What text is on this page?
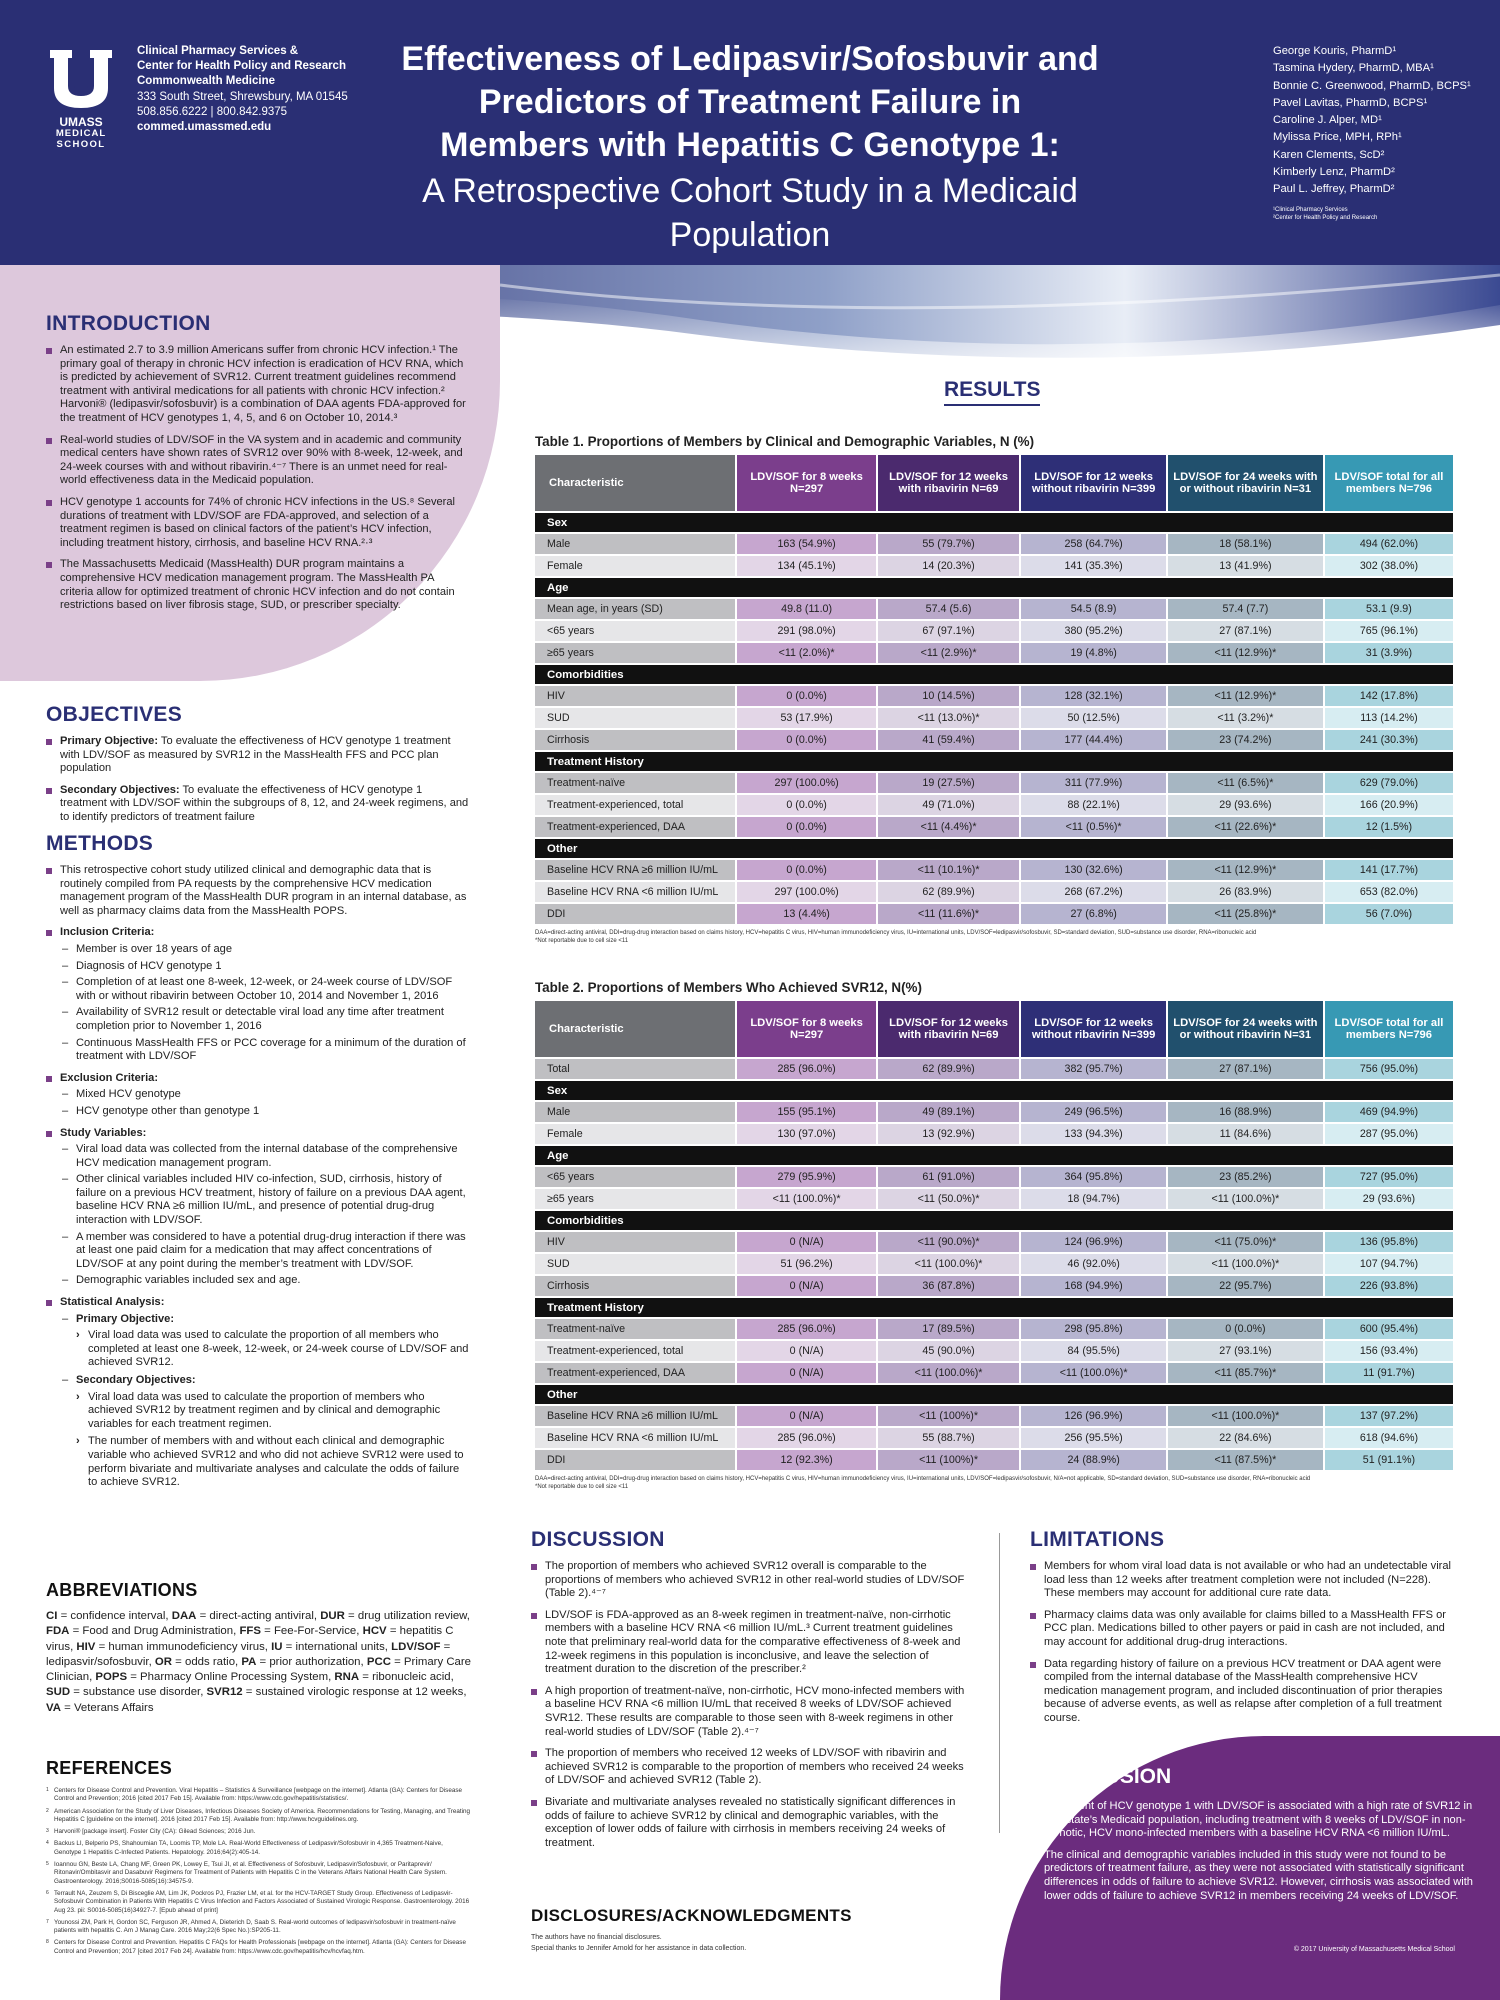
UMASS
MEDICAL
SCHOOL
Clinical Pharmacy Services &
Center for Health Policy and Research
Commonwealth Medicine
333 South Street, Shrewsbury, MA 01545
508.856.6222 | 800.842.9375
commed.umassmed.edu
Effectiveness of Ledipasvir/Sofosbuvir and
Predictors of Treatment Failure in
Members with Hepatitis C Genotype 1:
A Retrospective Cohort Study in a Medicaid Population
George Kouris, PharmD¹
Tasmina Hydery, PharmD, MBA¹
Bonnie C. Greenwood, PharmD, BCPS¹
Pavel Lavitas, PharmD, BCPS¹
Caroline J. Alper, MD¹
Mylissa Price, MPH, RPh¹
Karen Clements, ScD²
Kimberly Lenz, PharmD²
Paul L. Jeffrey, PharmD²
¹Clinical Pharmacy Services
²Center for Health Policy and Research
INTRODUCTION
An estimated 2.7 to 3.9 million Americans suffer from chronic HCV infection.¹ The primary goal of therapy in chronic HCV infection is eradication of HCV RNA, which is predicted by achievement of SVR12. Current treatment guidelines recommend treatment with antiviral medications for all patients with chronic HCV infection.² Harvoni® (ledipasvir/sofosbuvir) is a combination of DAA agents FDA-approved for the treatment of HCV genotypes 1, 4, 5, and 6 on October 10, 2014.³
Real-world studies of LDV/SOF in the VA system and in academic and community medical centers have shown rates of SVR12 over 90% with 8-week, 12-week, and 24-week courses with and without ribavirin.⁴⁻⁷ There is an unmet need for real-world effectiveness data in the Medicaid population.
HCV genotype 1 accounts for 74% of chronic HCV infections in the US.⁸ Several durations of treatment with LDV/SOF are FDA-approved, and selection of a treatment regimen is based on clinical factors of the patient’s HCV infection, including treatment history, cirrhosis, and baseline HCV RNA.²·³
The Massachusetts Medicaid (MassHealth) DUR program maintains a comprehensive HCV medication management program. The MassHealth PA criteria allow for optimized treatment of chronic HCV infection and do not contain restrictions based on liver fibrosis stage, SUD, or prescriber specialty.
OBJECTIVES
Primary Objective: To evaluate the effectiveness of HCV genotype 1 treatment with LDV/SOF as measured by SVR12 in the MassHealth FFS and PCC plan population
Secondary Objectives: To evaluate the effectiveness of HCV genotype 1 treatment with LDV/SOF within the subgroups of 8, 12, and 24-week regimens, and to identify predictors of treatment failure
METHODS
This retrospective cohort study utilized clinical and demographic data that is routinely compiled from PA requests by the comprehensive HCV medication management program of the MassHealth DUR program in an internal database, as well as pharmacy claims data from the MassHealth POPS.
Inclusion Criteria:
– Member is over 18 years of age
– Diagnosis of HCV genotype 1
– Completion of at least one 8-week, 12-week, or 24-week course of LDV/SOF with or without ribavirin between October 10, 2014 and November 1, 2016
– Availability of SVR12 result or detectable viral load any time after treatment completion prior to November 1, 2016
– Continuous MassHealth FFS or PCC coverage for a minimum of the duration of treatment with LDV/SOF
Exclusion Criteria:
– Mixed HCV genotype
– HCV genotype other than genotype 1
Study Variables:
– Viral load data was collected from the internal database of the comprehensive HCV medication management program.
– Other clinical variables included HIV co-infection, SUD, cirrhosis, history of failure on a previous HCV treatment, history of failure on a previous DAA agent, baseline HCV RNA ≥6 million IU/mL, and presence of potential drug-drug interaction with LDV/SOF.
– A member was considered to have a potential drug-drug interaction if there was at least one paid claim for a medication that may affect concentrations of LDV/SOF at any point during the member’s treatment with LDV/SOF.
– Demographic variables included sex and age.
Statistical Analysis:
– Primary Objective:
› Viral load data was used to calculate the proportion of all members who completed at least one 8-week, 12-week, or 24-week course of LDV/SOF and achieved SVR12.
– Secondary Objectives:
› Viral load data was used to calculate the proportion of members who achieved SVR12 by treatment regimen and by clinical and demographic variables for each treatment regimen.
› The number of members with and without each clinical and demographic variable who achieved SVR12 and who did not achieve SVR12 were used to perform bivariate and multivariate analyses and calculate the odds of failure to achieve SVR12.
ABBREVIATIONS
CI = confidence interval, DAA = direct-acting antiviral, DUR = drug utilization review, FDA = Food and Drug Administration, FFS = Fee-For-Service, HCV = hepatitis C virus, HIV = human immunodeficiency virus, IU = international units, LDV/SOF = ledipasvir/sofosbuvir, OR = odds ratio, PA = prior authorization, PCC = Primary Care Clinician, POPS = Pharmacy Online Processing System, RNA = ribonucleic acid, SUD = substance use disorder, SVR12 = sustained virologic response at 12 weeks, VA = Veterans Affairs
REFERENCES
1 Centers for Disease Control and Prevention. Viral Hepatitis – Statistics & Surveillance [webpage on the internet]. Atlanta (GA): Centers for Disease Control and Prevention; 2016 [cited 2017 Feb 15]. Available from: https://www.cdc.gov/hepatitis/statistics/.
2 American Association for the Study of Liver Diseases, Infectious Diseases Society of America. Recommendations for Testing, Managing, and Treating Hepatitis C [guideline on the internet]. 2016 [cited 2017 Feb 15]. Available from: http://www.hcvguidelines.org.
3 Harvoni® [package insert]. Foster City (CA): Gilead Sciences; 2016 Jun.
4 Backus LI, Belperio PS, Shahoumian TA, Loomis TP, Mole LA. Real-World Effectiveness of Ledipasvir/Sofosbuvir in 4,365 Treatment-Naive, Genotype 1 Hepatitis C-Infected Patients. Hepatology. 2016;64(2):405-14.
5 Ioannou GN, Beste LA, Chang MF, Green PK, Lowey E, Tsui JI, et al. Effectiveness of Sofosbuvir, Ledipasvir/Sofosbuvir, or Paritaprevir/ Ritonavir/Ombitasvir and Dasabuvir Regimens for Treatment of Patients with Hepatitis C in the Veterans Affairs National Health Care System. Gastroenterology. 2016;S0016-5085(16):34575-9.
6 Terrault NA, Zeuzem S, Di Bisceglie AM, Lim JK, Pockros PJ, Frazier LM, et al. for the HCV-TARGET Study Group. Effectiveness of Ledipasvir-Sofosbuvir Combination in Patients With Hepatitis C Virus Infection and Factors Associated of Sustained Virologic Response. Gastroenterology. 2016 Aug 23. pii: S0016-5085(16)34927-7. [Epub ahead of print]
7 Younossi ZM, Park H, Gordon SC, Ferguson JR, Ahmed A, Dieterich D, Saab S. Real-world outcomes of ledipasvir/sofosbuvir in treatment-naïve patients with hepatitis C. Am J Manag Care. 2016 May;22(6 Spec No.):SP205-11.
8 Centers for Disease Control and Prevention. Hepatitis C FAQs for Health Professionals [webpage on the internet]. Atlanta (GA): Centers for Disease Control and Prevention; 2017 [cited 2017 Feb 24]. Available from: https://www.cdc.gov/hepatitis/hcv/hcvfaq.htm.
RESULTS
Table 1. Proportions of Members by Clinical and Demographic Variables, N (%)
Characteristic	LDV/SOF for 8 weeks N=297	LDV/SOF for 12 weeks with ribavirin N=69	LDV/SOF for 12 weeks without ribavirin N=399	LDV/SOF for 24 weeks with or without ribavirin N=31	LDV/SOF total for all members N=796
Sex					
Male	163 (54.9%)	55 (79.7%)	258 (64.7%)	18 (58.1%)	494 (62.0%)
Female	134 (45.1%)	14 (20.3%)	141 (35.3%)	13 (41.9%)	302 (38.0%)
Age					
Mean age, in years (SD)	49.8 (11.0)	57.4 (5.6)	54.5 (8.9)	57.4 (7.7)	53.1 (9.9)
<65 years	291 (98.0%)	67 (97.1%)	380 (95.2%)	27 (87.1%)	765 (96.1%)
≥65 years	<11 (2.0%)*	<11 (2.9%)*	19 (4.8%)	<11 (12.9%)*	31 (3.9%)
Comorbidities					
HIV	0 (0.0%)	10 (14.5%)	128 (32.1%)	<11 (12.9%)*	142 (17.8%)
SUD	53 (17.9%)	<11 (13.0%)*	50 (12.5%)	<11 (3.2%)*	113 (14.2%)
Cirrhosis	0 (0.0%)	41 (59.4%)	177 (44.4%)	23 (74.2%)	241 (30.3%)
Treatment History					
Treatment-naïve	297 (100.0%)	19 (27.5%)	311 (77.9%)	<11 (6.5%)*	629 (79.0%)
Treatment-experienced, total	0 (0.0%)	49 (71.0%)	88 (22.1%)	29 (93.6%)	166 (20.9%)
Treatment-experienced, DAA	0 (0.0%)	<11 (4.4%)*	<11 (0.5%)*	<11 (22.6%)*	12 (1.5%)
Other					
Baseline HCV RNA ≥6 million IU/mL	0 (0.0%)	<11 (10.1%)*	130 (32.6%)	<11 (12.9%)*	141 (17.7%)
Baseline HCV RNA <6 million IU/mL	297 (100.0%)	62 (89.9%)	268 (67.2%)	26 (83.9%)	653 (82.0%)
DDI	13 (4.4%)	<11 (11.6%)*	27 (6.8%)	<11 (25.8%)*	56 (7.0%)
DAA=direct-acting antiviral, DDI=drug-drug interaction based on claims history, HCV=hepatitis C virus, HIV=human immunodeficiency virus, IU=international units, LDV/SOF=ledipasvir/sofosbuvir, SD=standard deviation, SUD=substance use disorder, RNA=ribonucleic acid
*Not reportable due to cell size <11
Table 2. Proportions of Members Who Achieved SVR12, N(%)
Characteristic	LDV/SOF for 8 weeks N=297	LDV/SOF for 12 weeks with ribavirin N=69	LDV/SOF for 12 weeks without ribavirin N=399	LDV/SOF for 24 weeks with or without ribavirin N=31	LDV/SOF total for all members N=796
Total	285 (96.0%)	62 (89.9%)	382 (95.7%)	27 (87.1%)	756 (95.0%)
Sex					
Male	155 (95.1%)	49 (89.1%)	249 (96.5%)	16 (88.9%)	469 (94.9%)
Female	130 (97.0%)	13 (92.9%)	133 (94.3%)	11 (84.6%)	287 (95.0%)
Age					
<65 years	279 (95.9%)	61 (91.0%)	364 (95.8%)	23 (85.2%)	727 (95.0%)
≥65 years	<11 (100.0%)*	<11 (50.0%)*	18 (94.7%)	<11 (100.0%)*	29 (93.6%)
Comorbidities					
HIV	0 (N/A)	<11 (90.0%)*	124 (96.9%)	<11 (75.0%)*	136 (95.8%)
SUD	51 (96.2%)	<11 (100.0%)*	46 (92.0%)	<11 (100.0%)*	107 (94.7%)
Cirrhosis	0 (N/A)	36 (87.8%)	168 (94.9%)	22 (95.7%)	226 (93.8%)
Treatment History					
Treatment-naïve	285 (96.0%)	17 (89.5%)	298 (95.8%)	0 (0.0%)	600 (95.4%)
Treatment-experienced, total	0 (N/A)	45 (90.0%)	84 (95.5%)	27 (93.1%)	156 (93.4%)
Treatment-experienced, DAA	0 (N/A)	<11 (100.0%)*	<11 (100.0%)*	<11 (85.7%)*	11 (91.7%)
Other					
Baseline HCV RNA ≥6 million IU/mL	0 (N/A)	<11 (100%)*	126 (96.9%)	<11 (100.0%)*	137 (97.2%)
Baseline HCV RNA <6 million IU/mL	285 (96.0%)	55 (88.7%)	256 (95.5%)	22 (84.6%)	618 (94.6%)
DDI	12 (92.3%)	<11 (100%)*	24 (88.9%)	<11 (87.5%)*	51 (91.1%)
DAA=direct-acting antiviral, DDI=drug-drug interaction based on claims history, HCV=hepatitis C virus, HIV=human immunodeficiency virus, IU=international units, LDV/SOF=ledipasvir/sofosbuvir, N/A=not applicable, SD=standard deviation, SUD=substance use disorder, RNA=ribonucleic acid
*Not reportable due to cell size <11
DISCUSSION
The proportion of members who achieved SVR12 overall is comparable to the proportions of members who achieved SVR12 in other real-world studies of LDV/SOF (Table 2).⁴⁻⁷
LDV/SOF is FDA-approved as an 8-week regimen in treatment-naïve, non-cirrhotic members with a baseline HCV RNA <6 million IU/mL.³ Current treatment guidelines note that preliminary real-world data for the comparative effectiveness of 8-week and 12-week regimens in this population is inconclusive, and leave the selection of treatment duration to the discretion of the prescriber.²
A high proportion of treatment-naïve, non-cirrhotic, HCV mono-infected members with a baseline HCV RNA <6 million IU/mL that received 8 weeks of LDV/SOF achieved SVR12. These results are comparable to those seen with 8-week regimens in other real-world studies of LDV/SOF (Table 2).⁴⁻⁷
The proportion of members who received 12 weeks of LDV/SOF with ribavirin and achieved SVR12 is comparable to the proportion of members who received 24 weeks of LDV/SOF and achieved SVR12 (Table 2).
Bivariate and multivariate analyses revealed no statistically significant differences in odds of failure to achieve SVR12 by clinical and demographic variables, with the exception of lower odds of failure with cirrhosis in members receiving 24 weeks of treatment.
DISCLOSURES/ACKNOWLEDGMENTS
The authors have no financial disclosures.
Special thanks to Jennifer Arnold for her assistance in data collection.
LIMITATIONS
Members for whom viral load data is not available or who had an undetectable viral load less than 12 weeks after treatment completion were not included (N=228). These members may account for additional cure rate data.
Pharmacy claims data was only available for claims billed to a MassHealth FFS or PCC plan. Medications billed to other payers or paid in cash are not included, and may account for additional drug-drug interactions.
Data regarding history of failure on a previous HCV treatment or DAA agent were compiled from the internal database of the MassHealth comprehensive HCV medication management program, and included discontinuation of prior therapies because of adverse events, as well as relapse after completion of a full treatment course.
CONCLUSION
Treatment of HCV genotype 1 with LDV/SOF is associated with a high rate of SVR12 in one state’s Medicaid population, including treatment with 8 weeks of LDV/SOF in non-cirrhotic, HCV mono-infected members with a baseline HCV RNA <6 million IU/mL.
The clinical and demographic variables included in this study were not found to be predictors of treatment failure, as they were not associated with statistically significant differences in odds of failure to achieve SVR12. However, cirrhosis was associated with lower odds of failure to achieve SVR12 in members receiving 24 weeks of LDV/SOF.
© 2017 University of Massachusetts Medical School
